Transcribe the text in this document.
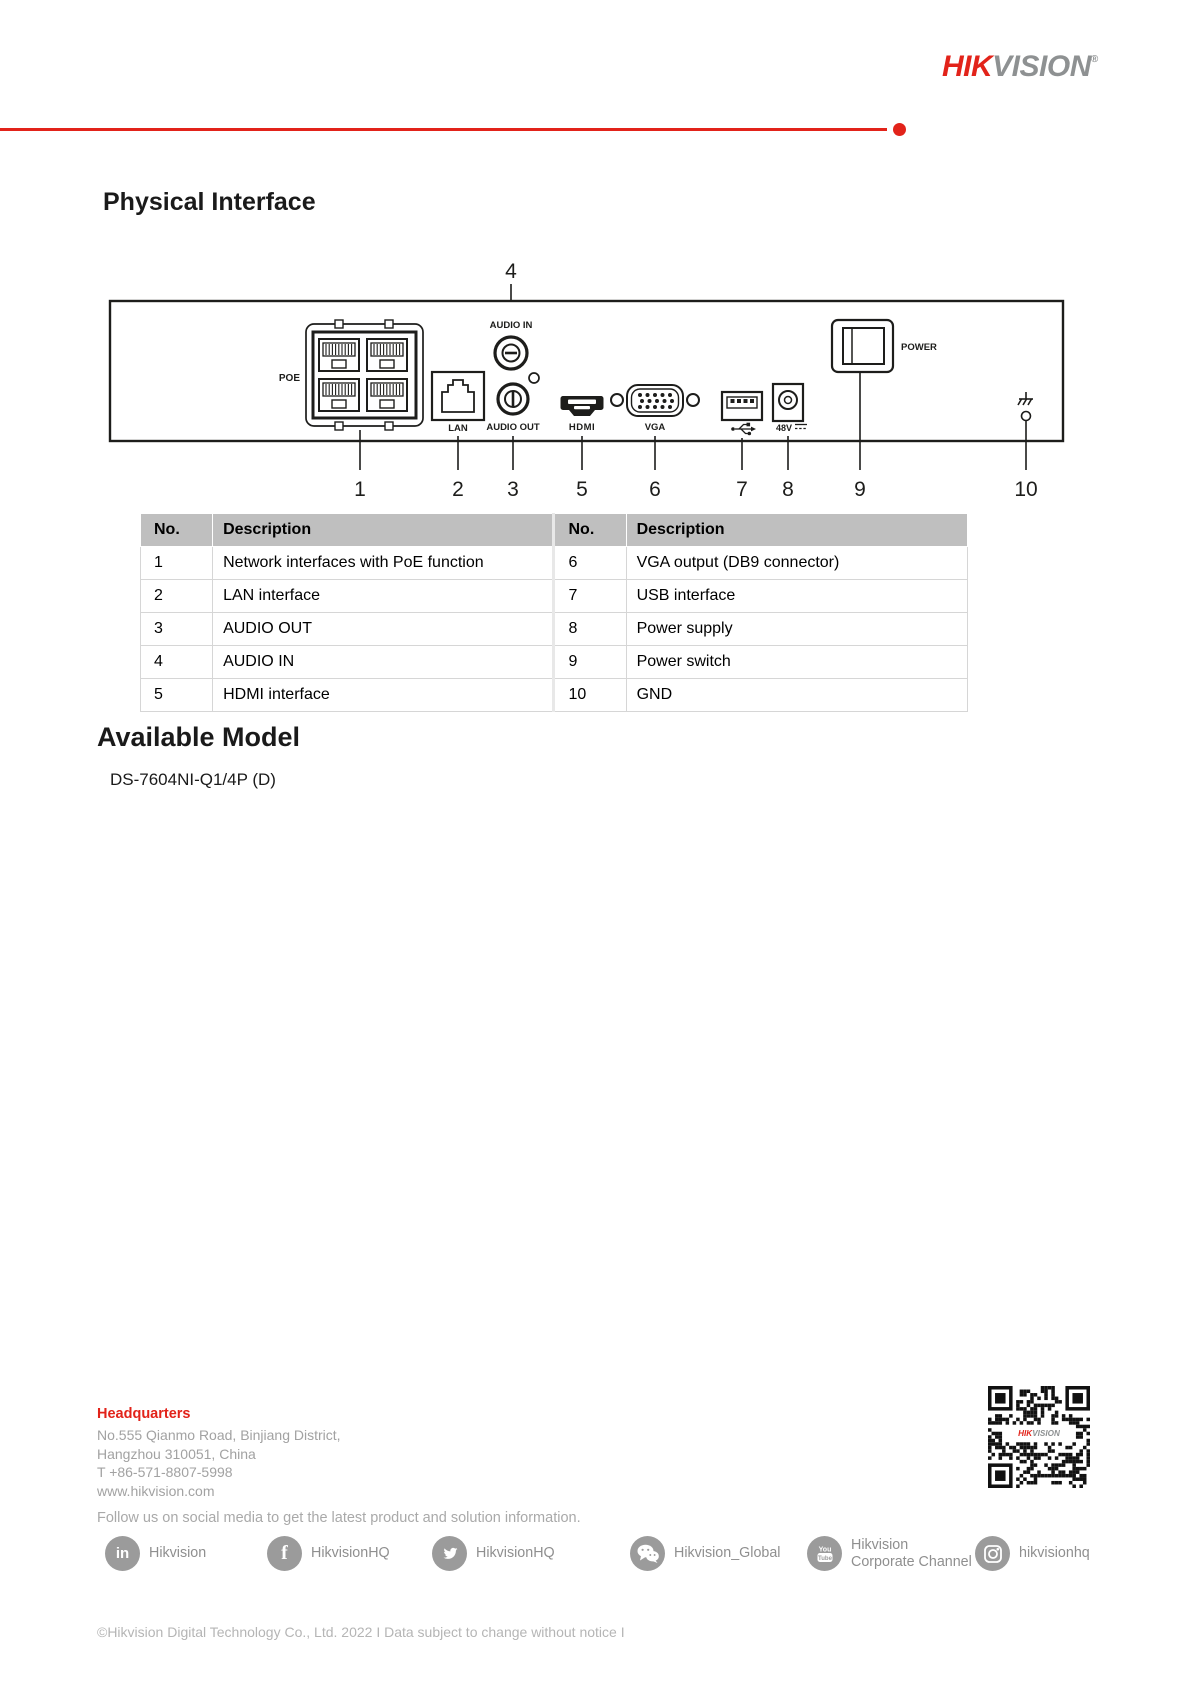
HIKVISION®
Physical Interface
4
POE
LAN
AUDIO IN
AUDIO OUT	HDMI	VGA	48V
POWER
1	2 3	5	6	7 8	9	10
No.	Description	No.	Description
1	Network interfaces with PoE function	6	VGA output (DB9 connector)
2	LAN interface	7	USB interface
3	AUDIO OUT	8	Power supply
4	AUDIO IN	9	Power switch
5	HDMI interface	10	GND
Available Model

DS-7604NI-Q1/4P (D)

Headquarters
No.555 Qianmo Road, Binjiang District,
Hangzhou 310051, China
T +86-571-8807-5998
www.hikvision.com
HIKVISION
Follow us on social media to get the latest product and solution information.
in Hikvision	f HikvisionHQ	HikvisionHQ	Hikvision_Global	You
Tube
Hikvision
Corporate Channel
hikvisionhq
©Hikvision Digital Technology Co., Ltd. 2022 I Data subject to change without notice I
